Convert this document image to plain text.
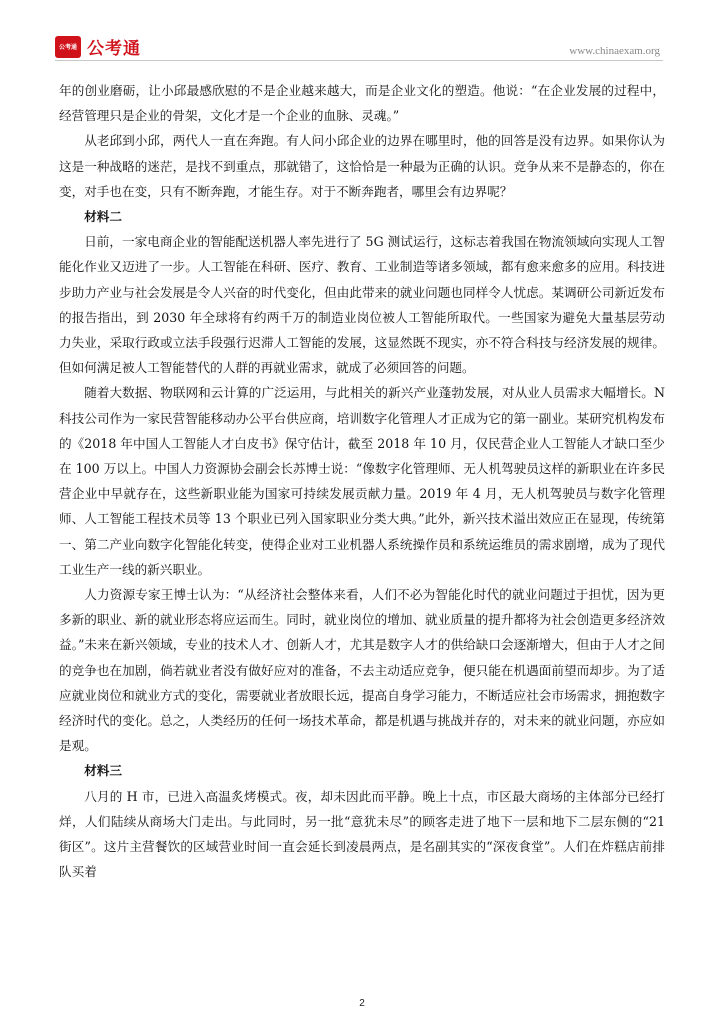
公考通 公考通	www.chinaexam.org

年的创业磨砺，让小邱最感欣慰的不是企业越来越大，而是企业文化的塑造。他说：“在企业发展的过程中，经营管理只是企业的骨架，文化才是一个企业的血脉、灵魂。”

从老邱到小邱，两代人一直在奔跑。有人问小邱企业的边界在哪里时，他的回答是没有边界。如果你认为这是一种战略的迷茫，是找不到重点，那就错了，这恰恰是一种最为正确的认识。竞争从来不是静态的，你在变，对手也在变，只有不断奔跑，才能生存。对于不断奔跑者，哪里会有边界呢？

材料二

日前，一家电商企业的智能配送机器人率先进行了 5G 测试运行，这标志着我国在物流领域向实现人工智能化作业又迈进了一步。人工智能在科研、医疗、教育、工业制造等诸多领域，都有愈来愈多的应用。科技进步助力产业与社会发展是令人兴奋的时代变化，但由此带来的就业问题也同样令人忧虑。某调研公司新近发布的报告指出，到 2030 年全球将有约两千万的制造业岗位被人工智能所取代。一些国家为避免大量基层劳动力失业，采取行政或立法手段强行迟滞人工智能的发展，这显然既不现实，亦不符合科技与经济发展的规律。但如何满足被人工智能替代的人群的再就业需求，就成了必须回答的问题。

随着大数据、物联网和云计算的广泛运用，与此相关的新兴产业蓬勃发展，对从业人员需求大幅增长。N 科技公司作为一家民营智能移动办公平台供应商，培训数字化管理人才正成为它的第一副业。某研究机构发布的《2018 年中国人工智能人才白皮书》保守估计，截至 2018 年 10 月，仅民营企业人工智能人才缺口至少在 100 万以上。中国人力资源协会副会长苏博士说：“像数字化管理师、无人机驾驶员这样的新职业在许多民营企业中早就存在，这些新职业能为国家可持续发展贡献力量。2019 年 4 月，无人机驾驶员与数字化管理师、人工智能工程技术员等 13 个职业已列入国家职业分类大典。”此外，新兴技术溢出效应正在显现，传统第一、第二产业向数字化智能化转变，使得企业对工业机器人系统操作员和系统运维员的需求剧增，成为了现代工业生产一线的新兴职业。

人力资源专家王博士认为：“从经济社会整体来看，人们不必为智能化时代的就业问题过于担忧，因为更多新的职业、新的就业形态将应运而生。同时，就业岗位的增加、就业质量的提升都将为社会创造更多经济效益。”未来在新兴领域，专业的技术人才、创新人才，尤其是数字人才的供给缺口会逐渐增大，但由于人才之间的竞争也在加剧，倘若就业者没有做好应对的准备，不去主动适应竞争，便只能在机遇面前望而却步。为了适应就业岗位和就业方式的变化，需要就业者放眼长远，提高自身学习能力，不断适应社会市场需求，拥抱数字经济时代的变化。总之，人类经历的任何一场技术革命，都是机遇与挑战并存的，对未来的就业问题，亦应如是观。

材料三

八月的 H 市，已进入高温炙烤模式。夜，却未因此而平静。晚上十点，市区最大商场的主体部分已经打烊，人们陆续从商场大门走出。与此同时，另一批“意犹未尽”的顾客走进了地下一层和地下二层东侧的“21 街区”。这片主营餐饮的区域营业时间一直会延长到凌晨两点，是名副其实的“深夜食堂”。人们在炸糕店前排队买着

2
